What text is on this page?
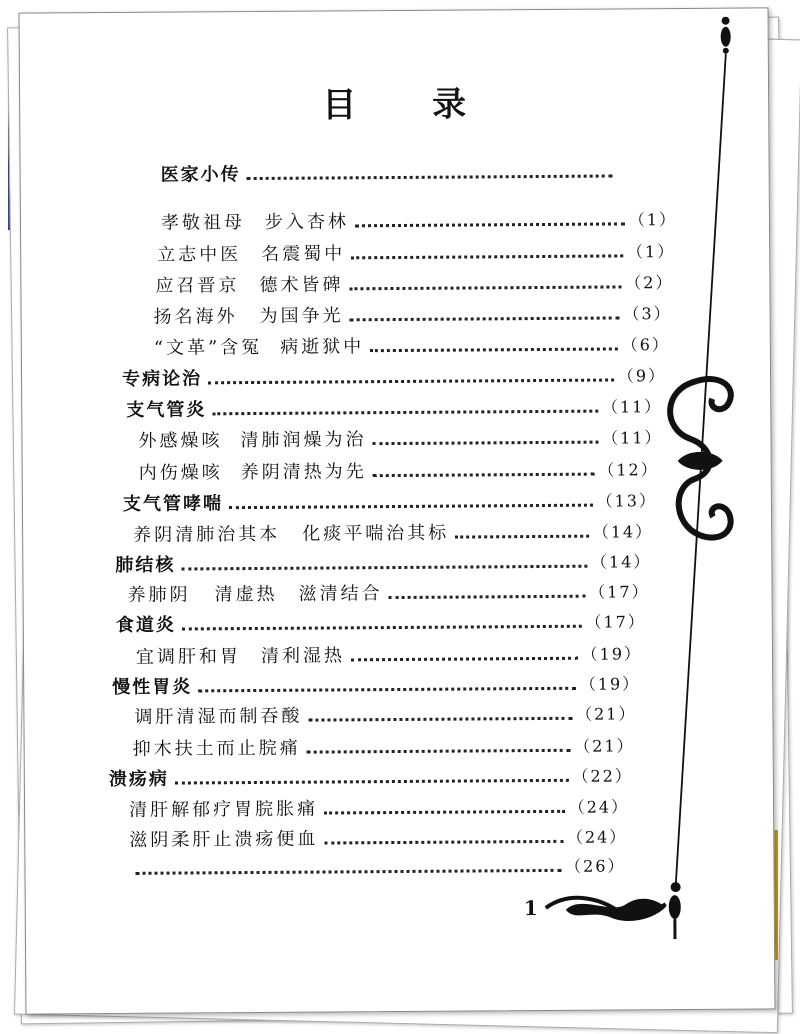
目 录
医家小传
孝敬祖母 步入杏林	（1）
立志中医 名震蜀中	（1）
应召晋京 德术皆碑	（2）
扬名海外 为国争光	（3）
“文革”含冤 病逝狱中	（6）
专病论治	（9）
支气管炎	（11）
外感燥咳 清肺润燥为治	（11）
内伤燥咳 养阴清热为先	（12）
支气管哮喘	（13）
养阴清肺治其本 化痰平喘治其标	（14）
肺结核	（14）
养肺阴 清虚热　滋清结合	（17）
食道炎	（17）
宜调肝和胃 清利湿热	（19）
慢性胃炎	（19）
调肝清湿而制吞酸	（21）
抑木扶土而止脘痛	（21）
溃疡病	（22）
清肝解郁疗胃脘胀痛	（24）
滋阴柔肝止溃疡便血	（24）
（26）
1
